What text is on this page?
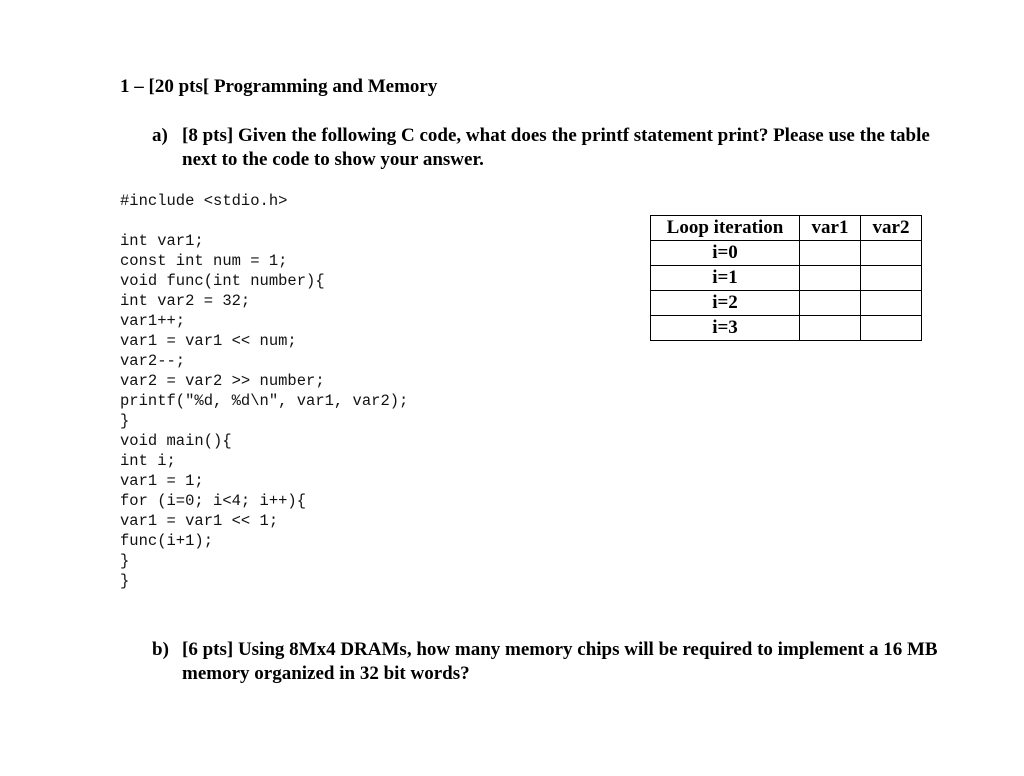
1 – [20 pts[ Programming and Memory
a) [8 pts] Given the following C code, what does the printf statement print? Please use the table next to the code to show your answer.
#include <stdio.h>
int var1;
const int num = 1;
void func(int number){
int var2 = 32;
var1++;
var1 = var1 << num;
var2--;
var2 = var2 >> number;
printf("%d, %d\n", var1, var2);
}
void main(){
int i;
var1 = 1;
for (i=0; i<4; i++){
var1 = var1 << 1;
func(i+1);
}
}
Loop iteration	var1	var2
i=0		
i=1		
i=2		
i=3		
b) [6 pts] Using 8Mx4 DRAMs, how many memory chips will be required to implement a 16 MB memory organized in 32 bit words?
